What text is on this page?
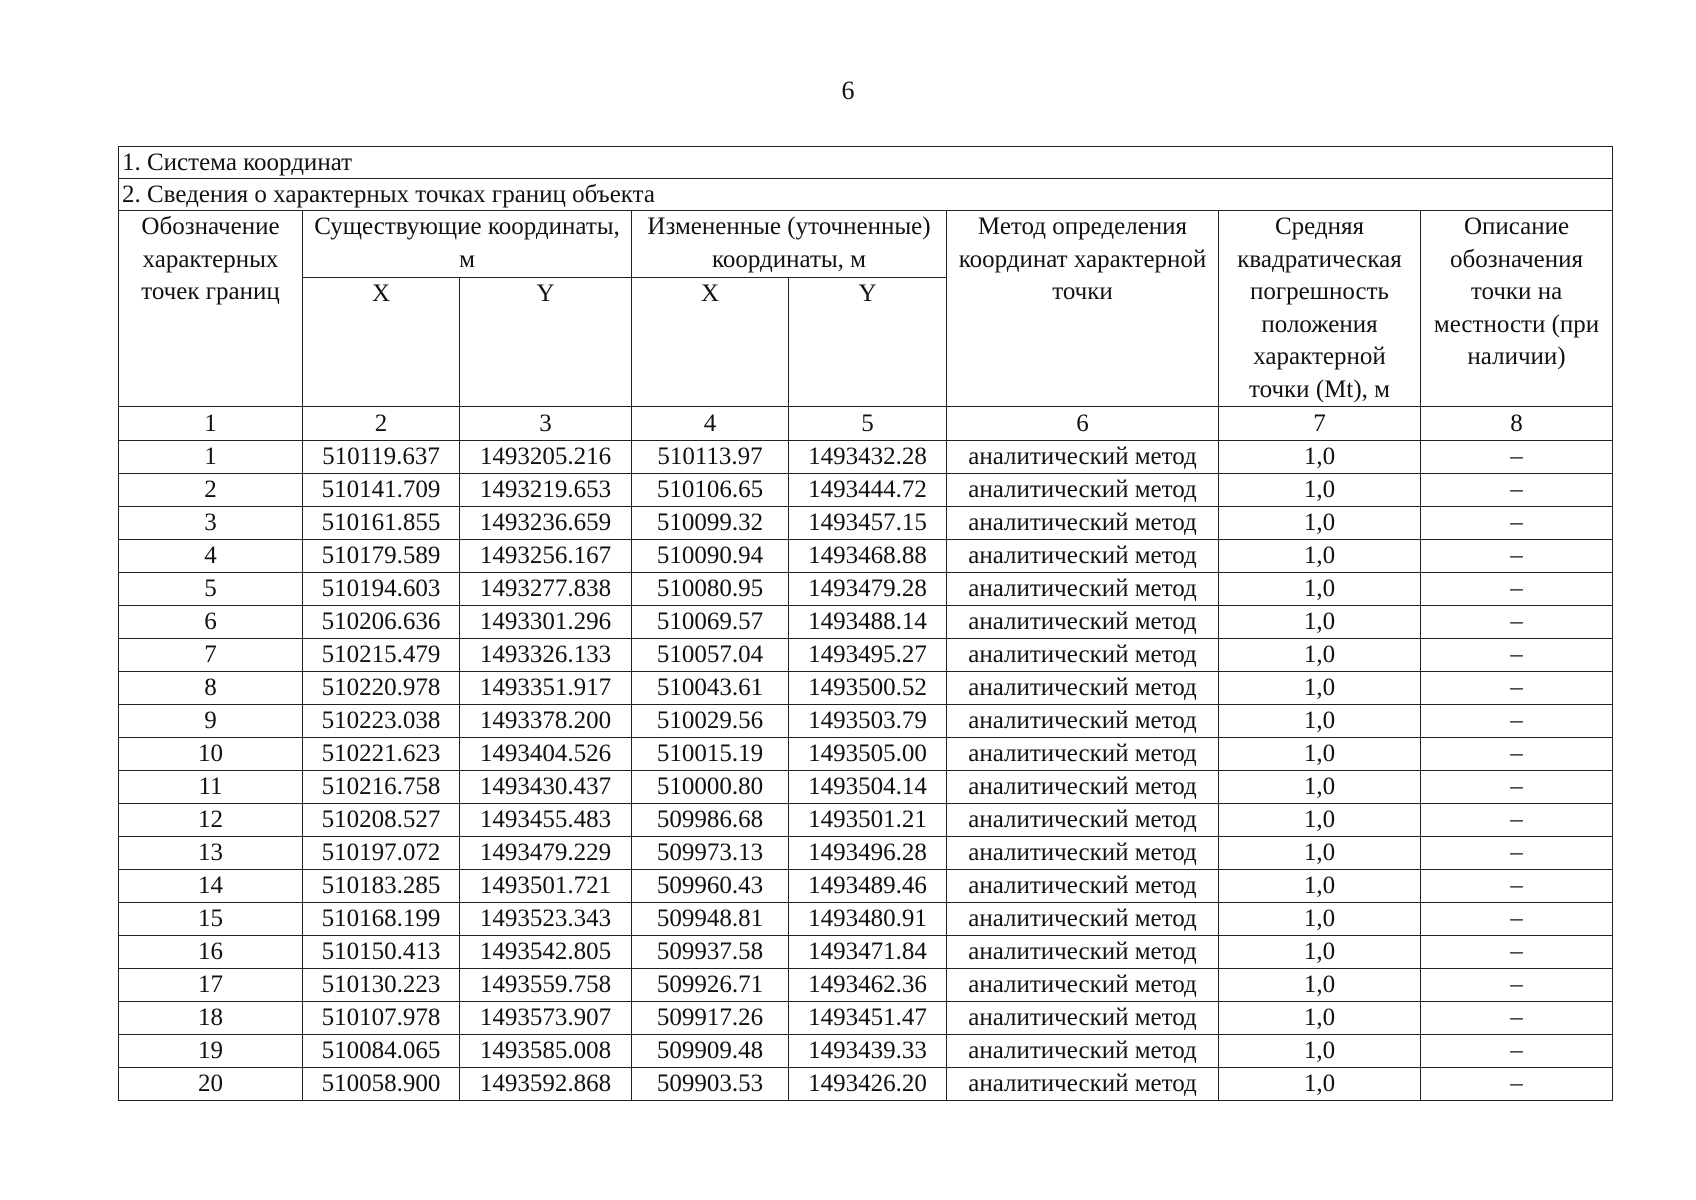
6
1. Система координат							
2. Сведения о характерных точках границ объекта							
Обозначение характерных точек границ	Существующие координаты, м		Измененные (уточненные) координаты, м		Метод определения координат характерной точки	Средняя квадратическая погрешность положения характерной точки (Mt), м	Описание обозначения точки на местности (при наличии)
	X	Y	X	Y			
1	2	3	4	5	6	7	8
1	510119.637	1493205.216	510113.97	1493432.28	аналитический метод	1,0	–
2	510141.709	1493219.653	510106.65	1493444.72	аналитический метод	1,0	–
3	510161.855	1493236.659	510099.32	1493457.15	аналитический метод	1,0	–
4	510179.589	1493256.167	510090.94	1493468.88	аналитический метод	1,0	–
5	510194.603	1493277.838	510080.95	1493479.28	аналитический метод	1,0	–
6	510206.636	1493301.296	510069.57	1493488.14	аналитический метод	1,0	–
7	510215.479	1493326.133	510057.04	1493495.27	аналитический метод	1,0	–
8	510220.978	1493351.917	510043.61	1493500.52	аналитический метод	1,0	–
9	510223.038	1493378.200	510029.56	1493503.79	аналитический метод	1,0	–
10	510221.623	1493404.526	510015.19	1493505.00	аналитический метод	1,0	–
11	510216.758	1493430.437	510000.80	1493504.14	аналитический метод	1,0	–
12	510208.527	1493455.483	509986.68	1493501.21	аналитический метод	1,0	–
13	510197.072	1493479.229	509973.13	1493496.28	аналитический метод	1,0	–
14	510183.285	1493501.721	509960.43	1493489.46	аналитический метод	1,0	–
15	510168.199	1493523.343	509948.81	1493480.91	аналитический метод	1,0	–
16	510150.413	1493542.805	509937.58	1493471.84	аналитический метод	1,0	–
17	510130.223	1493559.758	509926.71	1493462.36	аналитический метод	1,0	–
18	510107.978	1493573.907	509917.26	1493451.47	аналитический метод	1,0	–
19	510084.065	1493585.008	509909.48	1493439.33	аналитический метод	1,0	–
20	510058.900	1493592.868	509903.53	1493426.20	аналитический метод	1,0	–
